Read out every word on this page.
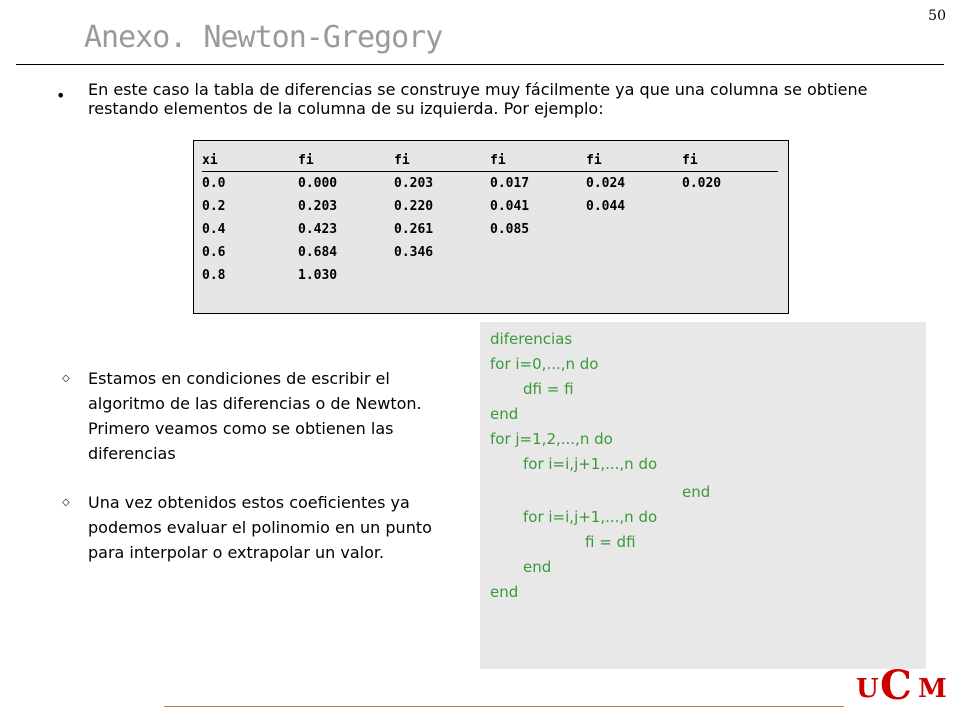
50
Anexo. Newton-Gregory
• En este caso la tabla de diferencias se construye muy fácilmente ya que una columna se obtiene restando elementos de la columna de su izquierda. Por ejemplo:
xi	fi	fi	fi	fi	fi
0.0	0.000	0.203	0.017	0.024	0.020
0.2	0.203	0.220	0.041	0.044	
0.4	0.423	0.261	0.085		
0.6	0.684	0.346			
0.8	1.030				
◇ Estamos en condiciones de escribir el algoritmo de las diferencias o de Newton. Primero veamos como se obtienen las diferencias
◇ Una vez obtenidos estos coeficientes ya podemos evaluar el polinomio en un punto para interpolar o extrapolar un valor.
diferencias
for i=0,...,n do
dfi = fi
end
for j=1,2,...,n do
for i=i,j+1,...,n do
end
for i=i,j+1,...,n do
fi = dfi
end
end
U C M
